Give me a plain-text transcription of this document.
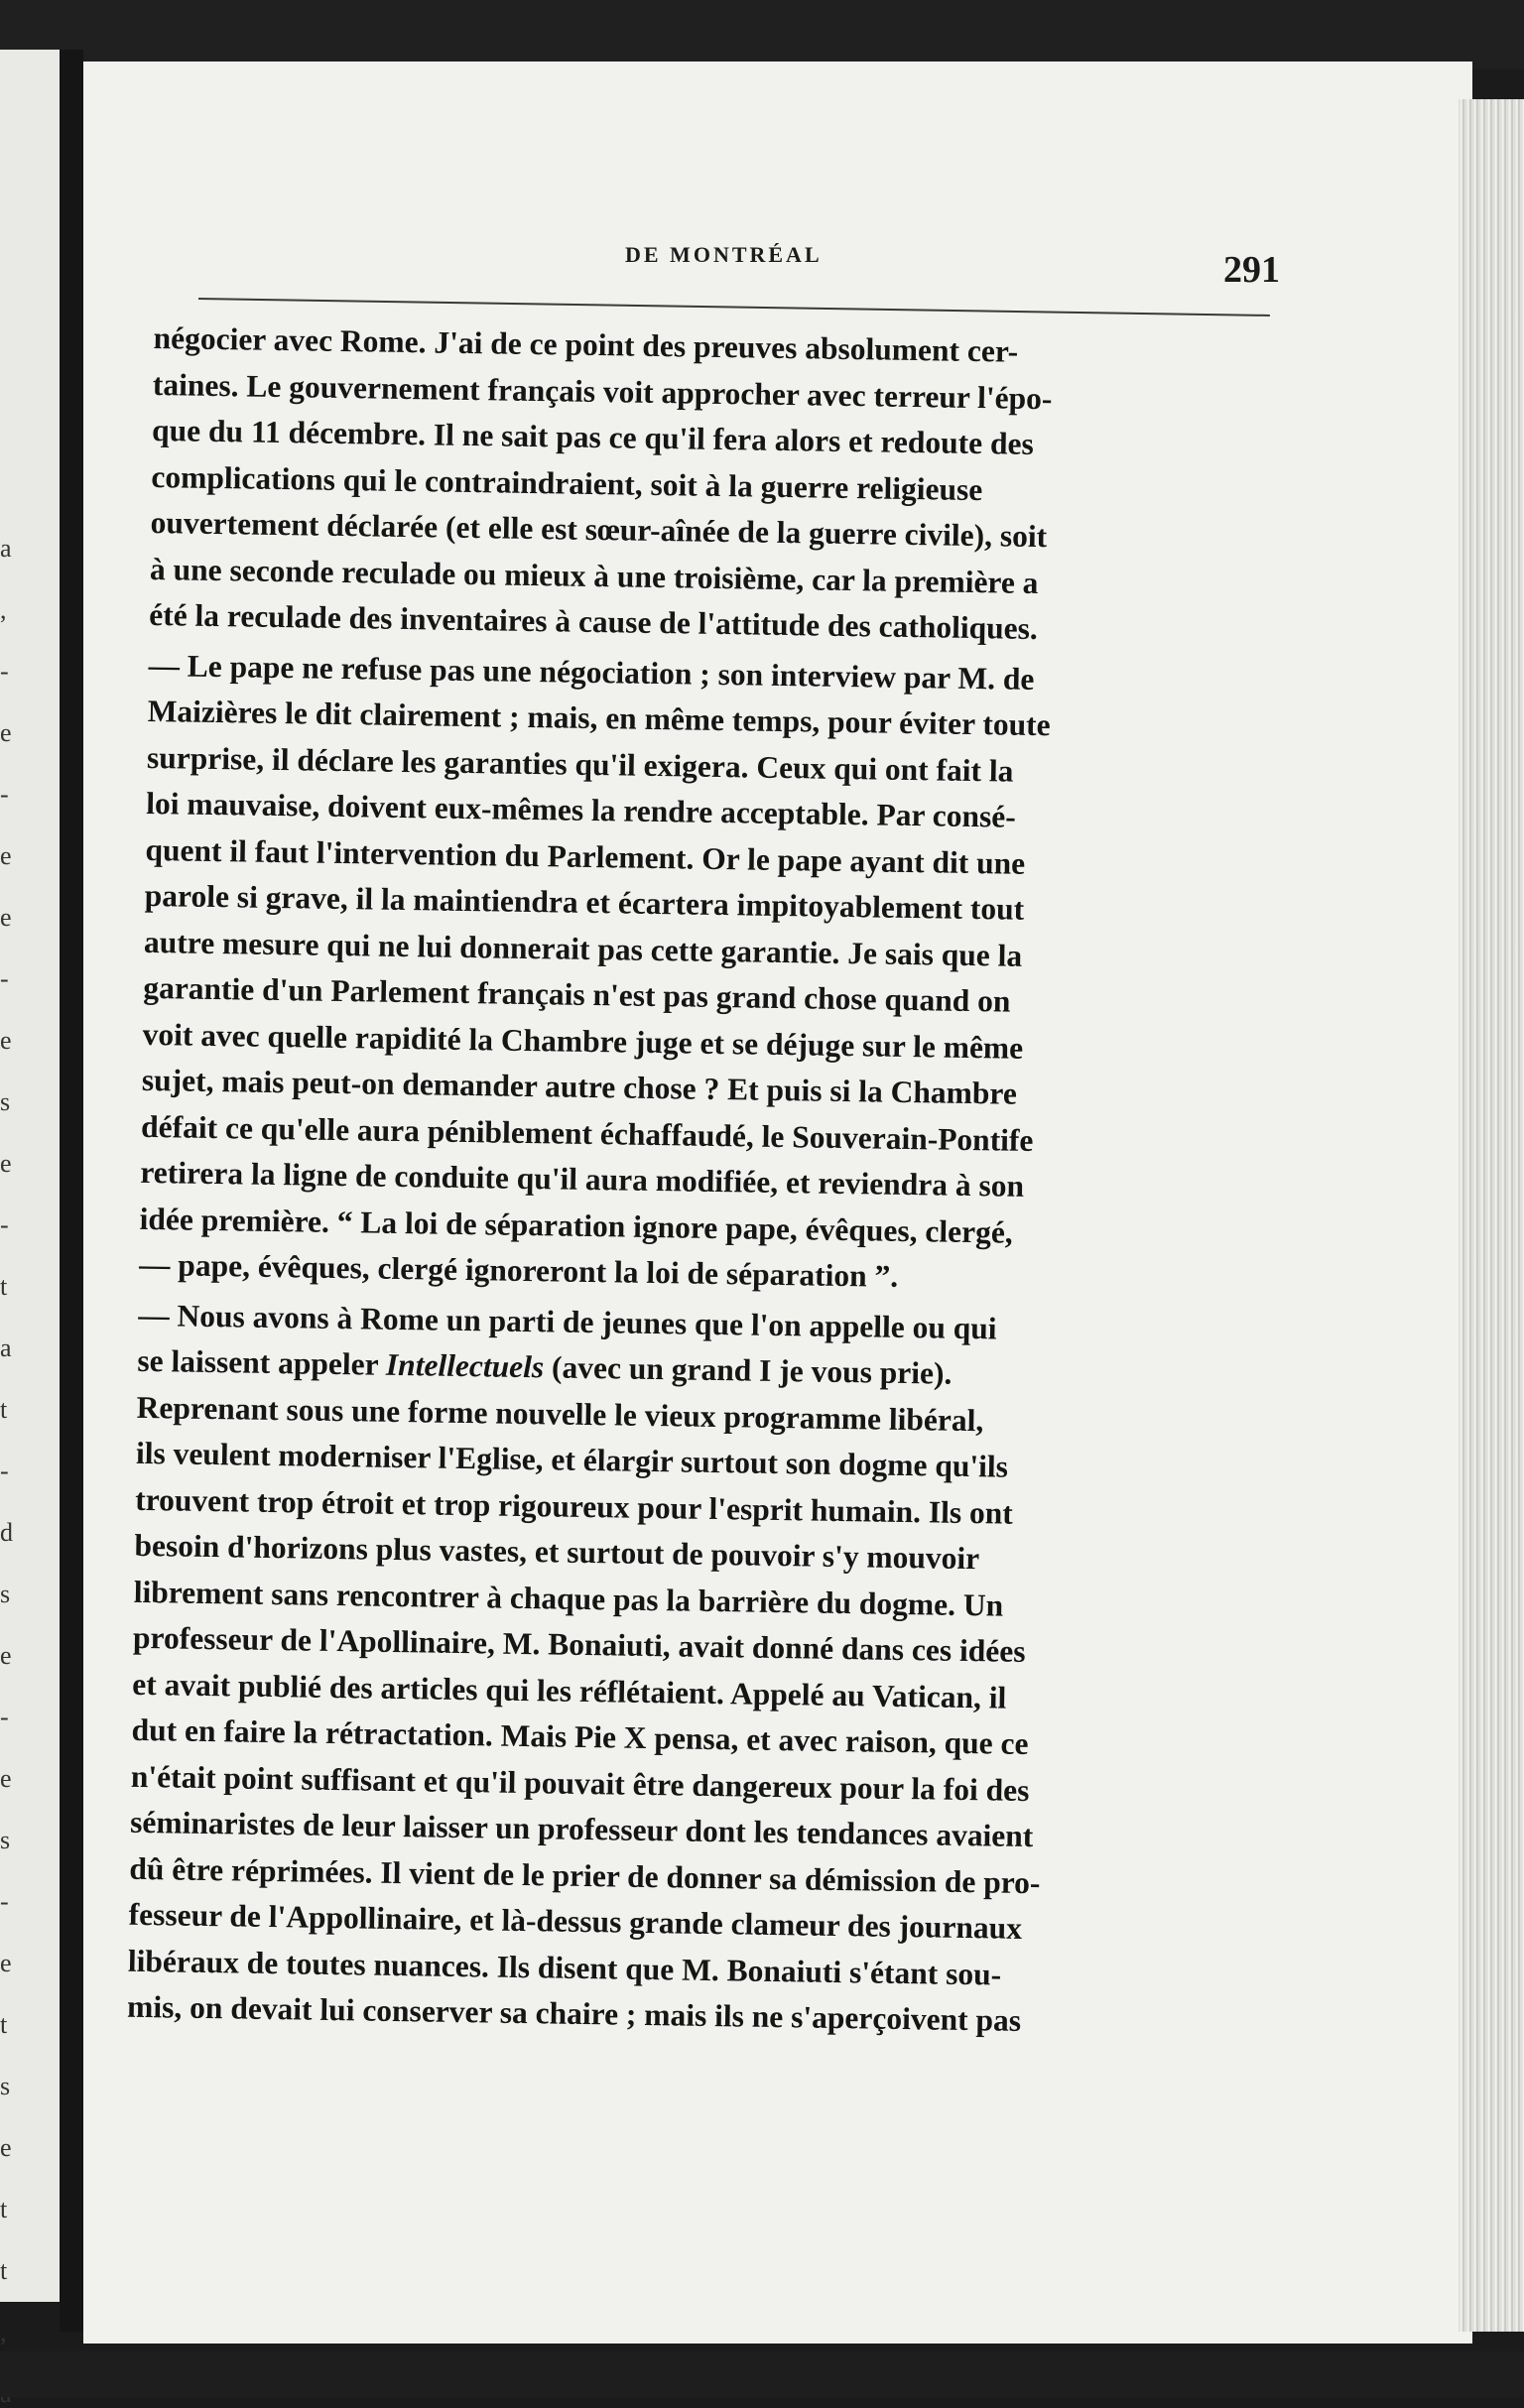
a
,
-
e
-
e
e
-
e
s
e
-
t
a
t
-
d
s
e
-
e
s
-
e
t
s
e
t
t
,
DE MONTRÉAL	291
négocier avec Rome. J'ai de ce point des preuves absolument cer-
taines. Le gouvernement français voit approcher avec terreur l'épo-
que du 11 décembre. Il ne sait pas ce qu'il fera alors et redoute des
complications qui le contraindraient, soit à la guerre religieuse
ouvertement déclarée (et elle est sœur-aînée de la guerre civile), soit
à une seconde reculade ou mieux à une troisième, car la première a
été la reculade des inventaires à cause de l'attitude des catholiques.
— Le pape ne refuse pas une négociation ; son interview par M. de
Maizières le dit clairement ; mais, en même temps, pour éviter toute
surprise, il déclare les garanties qu'il exigera. Ceux qui ont fait la
loi mauvaise, doivent eux-mêmes la rendre acceptable. Par consé-
quent il faut l'intervention du Parlement. Or le pape ayant dit une
parole si grave, il la maintiendra et écartera impitoyablement tout
autre mesure qui ne lui donnerait pas cette garantie. Je sais que la
garantie d'un Parlement français n'est pas grand chose quand on
voit avec quelle rapidité la Chambre juge et se déjuge sur le même
sujet, mais peut-on demander autre chose ? Et puis si la Chambre
défait ce qu'elle aura péniblement échaffaudé, le Souverain-Pontife
retirera la ligne de conduite qu'il aura modifiée, et reviendra à son
idée première. “ La loi de séparation ignore pape, évêques, clergé,
— pape, évêques, clergé ignoreront la loi de séparation ”.
— Nous avons à Rome un parti de jeunes que l'on appelle ou qui
se laissent appeler Intellectuels (avec un grand I je vous prie).
Reprenant sous une forme nouvelle le vieux programme libéral,
ils veulent moderniser l'Eglise, et élargir surtout son dogme qu'ils
trouvent trop étroit et trop rigoureux pour l'esprit humain. Ils ont
besoin d'horizons plus vastes, et surtout de pouvoir s'y mouvoir
librement sans rencontrer à chaque pas la barrière du dogme. Un
professeur de l'Apollinaire, M. Bonaiuti, avait donné dans ces idées
et avait publié des articles qui les réflétaient. Appelé au Vatican, il
dut en faire la rétractation. Mais Pie X pensa, et avec raison, que ce
n'était point suffisant et qu'il pouvait être dangereux pour la foi des
séminaristes de leur laisser un professeur dont les tendances avaient
dû être réprimées. Il vient de le prier de donner sa démission de pro-
fesseur de l'Appollinaire, et là-dessus grande clameur des journaux
libéraux de toutes nuances. Ils disent que M. Bonaiuti s'étant sou-
mis, on devait lui conserver sa chaire ; mais ils ne s'aperçoivent pas
